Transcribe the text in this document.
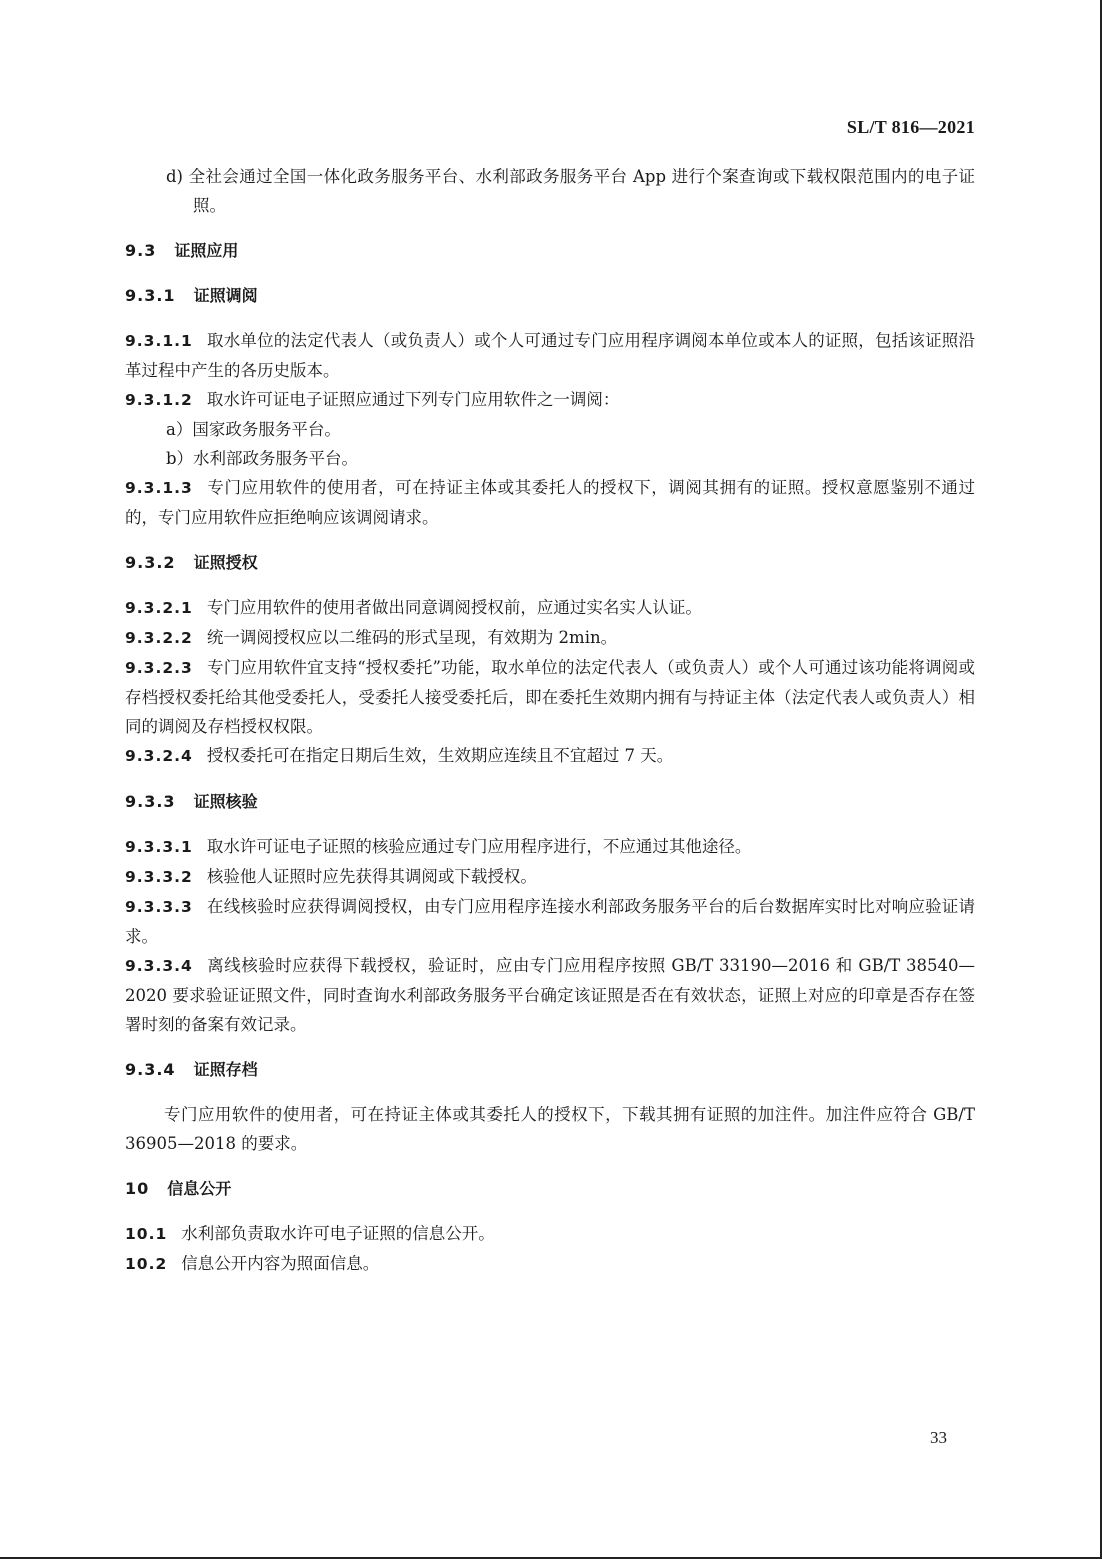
SL/T 816—2021

d) 全社会通过全国一体化政务服务平台、水利部政务服务平台 App 进行个案查询或下载权限范围内的电子证照。

9.3 证照应用

9.3.1 证照调阅

9.3.1.1 取水单位的法定代表人（或负责人）或个人可通过专门应用程序调阅本单位或本人的证照，包括该证照沿革过程中产生的各历史版本。

9.3.1.2 取水许可证电子证照应通过下列专门应用软件之一调阅：

a）国家政务服务平台。

b）水利部政务服务平台。

9.3.1.3 专门应用软件的使用者，可在持证主体或其委托人的授权下，调阅其拥有的证照。授权意愿鉴别不通过的，专门应用软件应拒绝响应该调阅请求。

9.3.2 证照授权

9.3.2.1 专门应用软件的使用者做出同意调阅授权前，应通过实名实人认证。

9.3.2.2 统一调阅授权应以二维码的形式呈现，有效期为 2min。

9.3.2.3 专门应用软件宜支持“授权委托”功能，取水单位的法定代表人（或负责人）或个人可通过该功能将调阅或存档授权委托给其他受委托人，受委托人接受委托后，即在委托生效期内拥有与持证主体（法定代表人或负责人）相同的调阅及存档授权权限。

9.3.2.4 授权委托可在指定日期后生效，生效期应连续且不宜超过 7 天。

9.3.3 证照核验

9.3.3.1 取水许可证电子证照的核验应通过专门应用程序进行，不应通过其他途径。

9.3.3.2 核验他人证照时应先获得其调阅或下载授权。

9.3.3.3 在线核验时应获得调阅授权，由专门应用程序连接水利部政务服务平台的后台数据库实时比对响应验证请求。

9.3.3.4 离线核验时应获得下载授权，验证时，应由专门应用程序按照 GB/T 33190—2016 和 GB/T 38540—2020 要求验证证照文件，同时查询水利部政务服务平台确定该证照是否在有效状态，证照上对应的印章是否存在签署时刻的备案有效记录。

9.3.4 证照存档

专门应用软件的使用者，可在持证主体或其委托人的授权下，下载其拥有证照的加注件。加注件应符合 GB/T 36905—2018 的要求。

10 信息公开

10.1 水利部负责取水许可电子证照的信息公开。

10.2 信息公开内容为照面信息。

33
